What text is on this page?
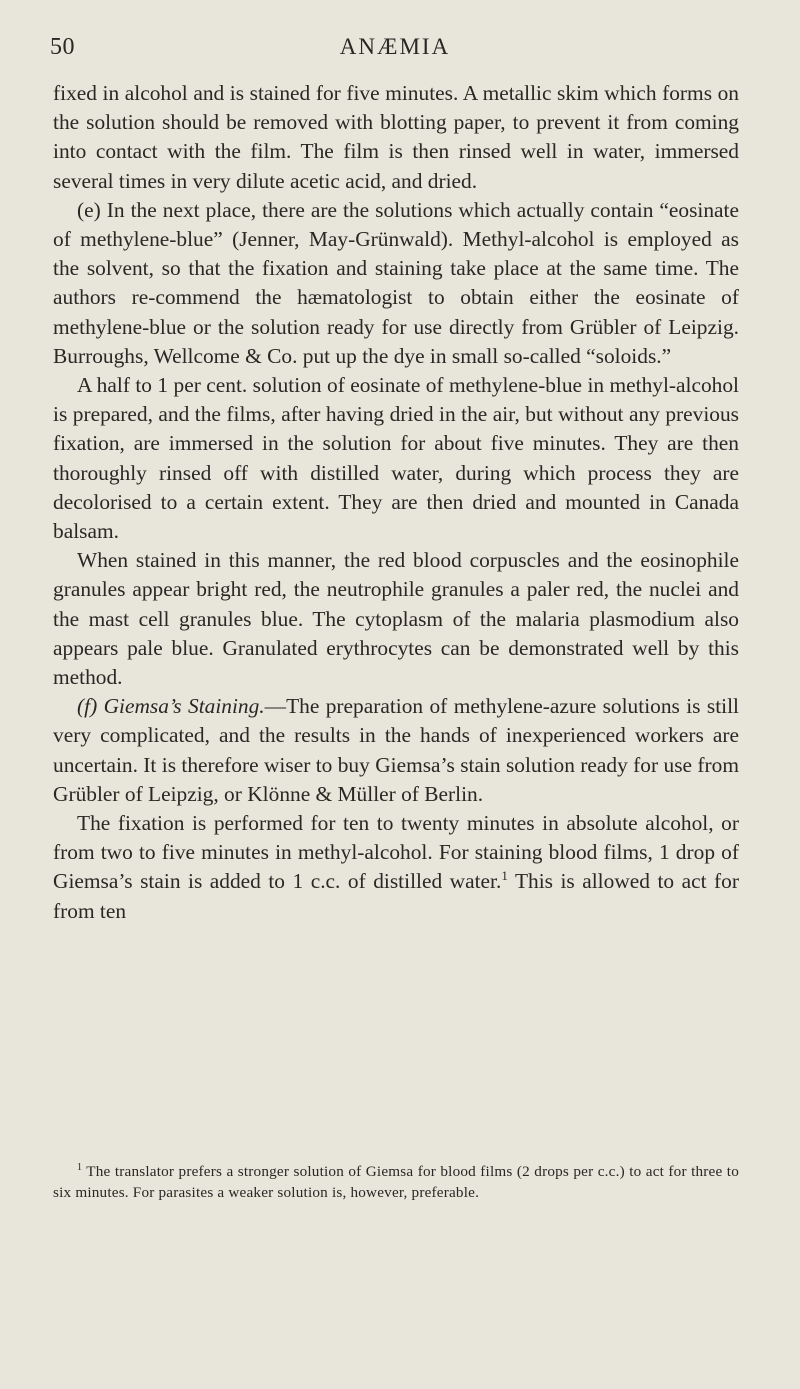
50	ANÆMIA

fixed in alcohol and is stained for five minutes. A metallic skim which forms on the solution should be removed with blotting paper, to prevent it from coming into contact with the film. The film is then rinsed well in water, immersed several times in very dilute acetic acid, and dried.

(e) In the next place, there are the solutions which actually contain “eosinate of methylene-blue” (Jenner, May-Grünwald). Methyl-alcohol is employed as the solvent, so that the fixation and staining take place at the same time. The authors re-commend the hæmatologist to obtain either the eosinate of methylene-blue or the solution ready for use directly from Grübler of Leipzig. Burroughs, Wellcome & Co. put up the dye in small so-called “soloids.”

A half to 1 per cent. solution of eosinate of methylene-blue in methyl-alcohol is prepared, and the films, after having dried in the air, but without any previous fixation, are immersed in the solution for about five minutes. They are then thoroughly rinsed off with distilled water, during which process they are decolorised to a certain extent. They are then dried and mounted in Canada balsam.

When stained in this manner, the red blood corpuscles and the eosinophile granules appear bright red, the neutrophile granules a paler red, the nuclei and the mast cell granules blue. The cytoplasm of the malaria plasmodium also appears pale blue. Granulated erythrocytes can be demonstrated well by this method.

(f) Giemsa’s Staining.—The preparation of methylene-azure solutions is still very complicated, and the results in the hands of inexperienced workers are uncertain. It is therefore wiser to buy Giemsa’s stain solution ready for use from Grübler of Leipzig, or Klönne & Müller of Berlin.

The fixation is performed for ten to twenty minutes in absolute alcohol, or from two to five minutes in methyl-alcohol. For staining blood films, 1 drop of Giemsa’s stain is added to 1 c.c. of distilled water.$^1$ This is allowed to act for from ten

$^1$ The translator prefers a stronger solution of Giemsa for blood films (2 drops per c.c.) to act for three to six minutes. For parasites a weaker solution is, however, preferable.
